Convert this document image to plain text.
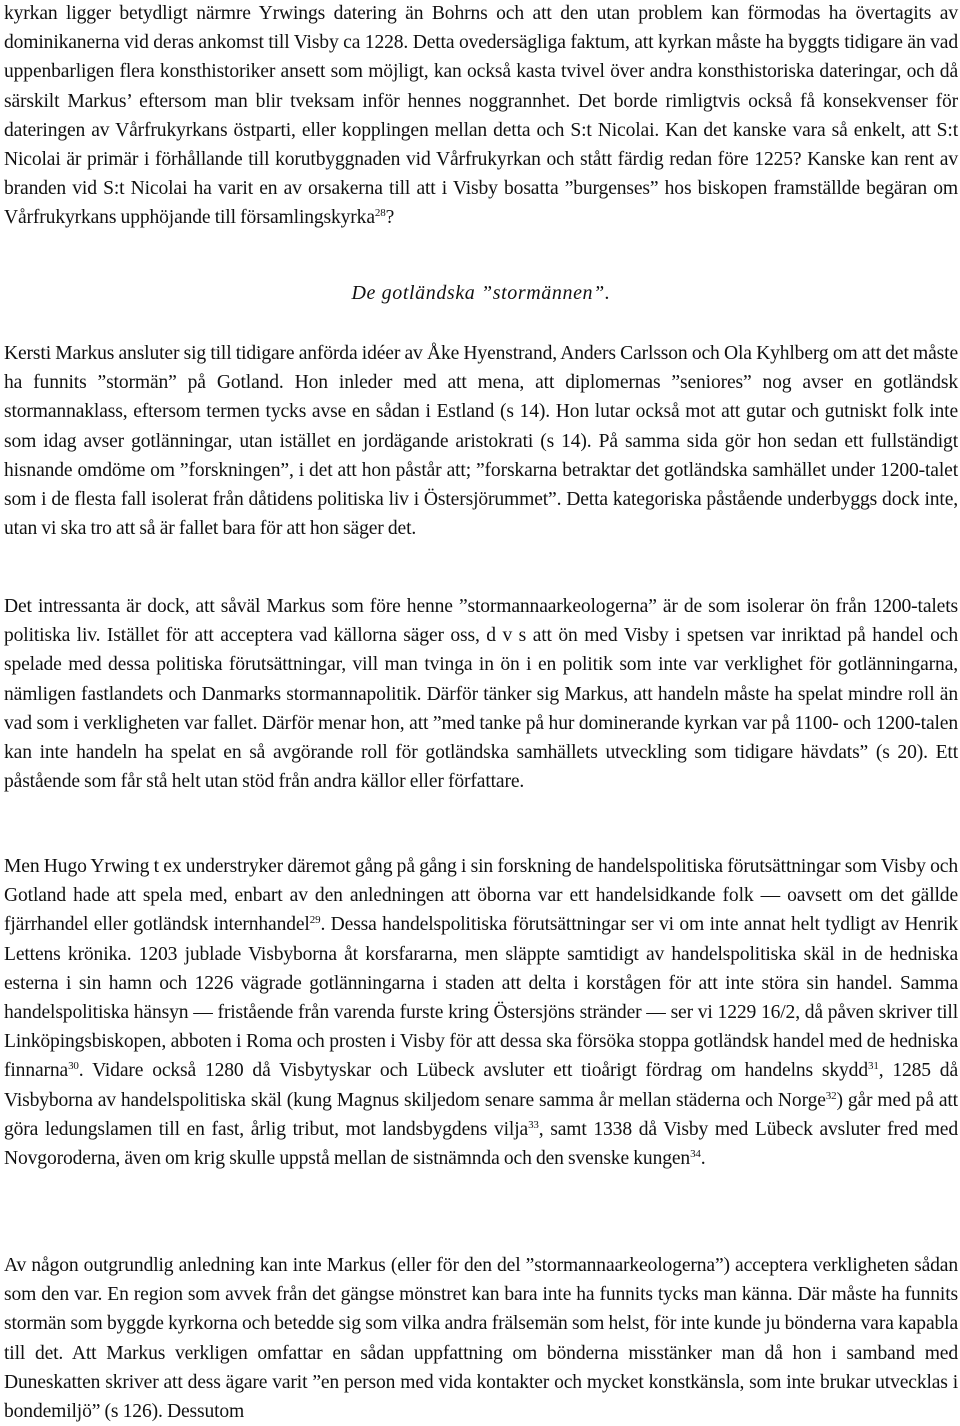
kyrkan ligger betydligt närmre Yrwings datering än Bohrns och att den utan problem kan förmodas ha övertagits av dominikanerna vid deras ankomst till Visby ca 1228. Detta ovedersägliga faktum, att kyrkan måste ha byggts tidigare än vad uppenbarligen flera konsthistoriker ansett som möjligt, kan också kasta tvivel över andra konsthistoriska dateringar, och då särskilt Markus’ eftersom man blir tveksam inför hennes noggrannhet. Det borde rimligtvis också få konsekvenser för dateringen av Vårfrukyrkans östparti, eller kopplingen mellan detta och S:t Nicolai. Kan det kanske vara så enkelt, att S:t Nicolai är primär i förhållande till korutbyggnaden vid Vårfrukyrkan och stått färdig redan före 1225? Kanske kan rent av branden vid S:t Nicolai ha varit en av orsakerna till att i Visby bosatta ”burgenses” hos biskopen framställde begäran om Vårfrukyrkans upphöjande till församlingskyrka$^{28}$?

De gotländska ”stormännen”.

Kersti Markus ansluter sig till tidigare anförda idéer av Åke Hyenstrand, Anders Carlsson och Ola Kyhlberg om att det måste ha funnits ”stormän” på Gotland. Hon inleder med att mena, att diplomernas ”seniores” nog avser en gotländsk stormannaklass, eftersom termen tycks avse en sådan i Estland (s 14). Hon lutar också mot att gutar och gutniskt folk inte som idag avser gotlänningar, utan istället en jordägande aristokrati (s 14). På samma sida gör hon sedan ett fullständigt hisnande omdöme om ”forskningen”, i det att hon påstår att; ”forskarna betraktar det gotländska samhället under 1200-talet som i de flesta fall isolerat från dåtidens politiska liv i Östersjörummet”. Detta kategoriska påstående underbyggs dock inte, utan vi ska tro att så är fallet bara för att hon säger det.

Det intressanta är dock, att såväl Markus som före henne ”stormannaarkeologerna” är de som isolerar ön från 1200-talets politiska liv. Istället för att acceptera vad källorna säger oss, d v s att ön med Visby i spetsen var inriktad på handel och spelade med dessa politiska förutsättningar, vill man tvinga in ön i en politik som inte var verklighet för gotlänningarna, nämligen fastlandets och Danmarks stormannapolitik. Därför tänker sig Markus, att handeln måste ha spelat mindre roll än vad som i verkligheten var fallet. Därför menar hon, att ”med tanke på hur dominerande kyrkan var på 1100- och 1200-talen kan inte handeln ha spelat en så avgörande roll för gotländska samhällets utveckling som tidigare hävdats” (s 20). Ett påstående som får stå helt utan stöd från andra källor eller författare.

Men Hugo Yrwing t ex understryker däremot gång på gång i sin forskning de handelspolitiska förutsättningar som Visby och Gotland hade att spela med, enbart av den anledningen att öborna var ett handelsidkande folk — oavsett om det gällde fjärrhandel eller gotländsk internhandel$^{29}$. Dessa handelspolitiska förutsättningar ser vi om inte annat helt tydligt av Henrik Lettens krönika. 1203 jublade Visbyborna åt korsfararna, men släppte samtidigt av handelspolitiska skäl in de hedniska esterna i sin hamn och 1226 vägrade gotlänningarna i staden att delta i korstågen för att inte störa sin handel. Samma handelspolitiska hänsyn — fristående från varenda furste kring Östersjöns stränder — ser vi 1229 16/2, då påven skriver till Linköpingsbiskopen, abboten i Roma och prosten i Visby för att dessa ska försöka stoppa gotländsk handel med de hedniska finnarna$^{30}$. Vidare också 1280 då Visbytyskar och Lübeck avsluter ett tioårigt fördrag om handelns skydd$^{31}$, 1285 då Visbyborna av handelspolitiska skäl (kung Magnus skiljedom senare samma år mellan städerna och Norge$^{32}$) går med på att göra ledungslamen till en fast, årlig tribut, mot landsbygdens vilja$^{33}$, samt 1338 då Visby med Lübeck avsluter fred med Novgoroderna, även om krig skulle uppstå mellan de sistnämnda och den svenske kungen$^{34}$.

Av någon outgrundlig anledning kan inte Markus (eller för den del ”stormannaarkeologerna”) acceptera verkligheten sådan som den var. En region som avvek från det gängse mönstret kan bara inte ha funnits tycks man känna. Där måste ha funnits stormän som byggde kyrkorna och betedde sig som vilka andra frälsemän som helst, för inte kunde ju bönderna vara kapabla till det. Att Markus verkligen omfattar en sådan uppfattning om bönderna misstänker man då hon i samband med Duneskatten skriver att dess ägare varit ”en person med vida kontakter och mycket konstkänsla, som inte brukar utvecklas i bondemiljö” (s 126). Dessutom
